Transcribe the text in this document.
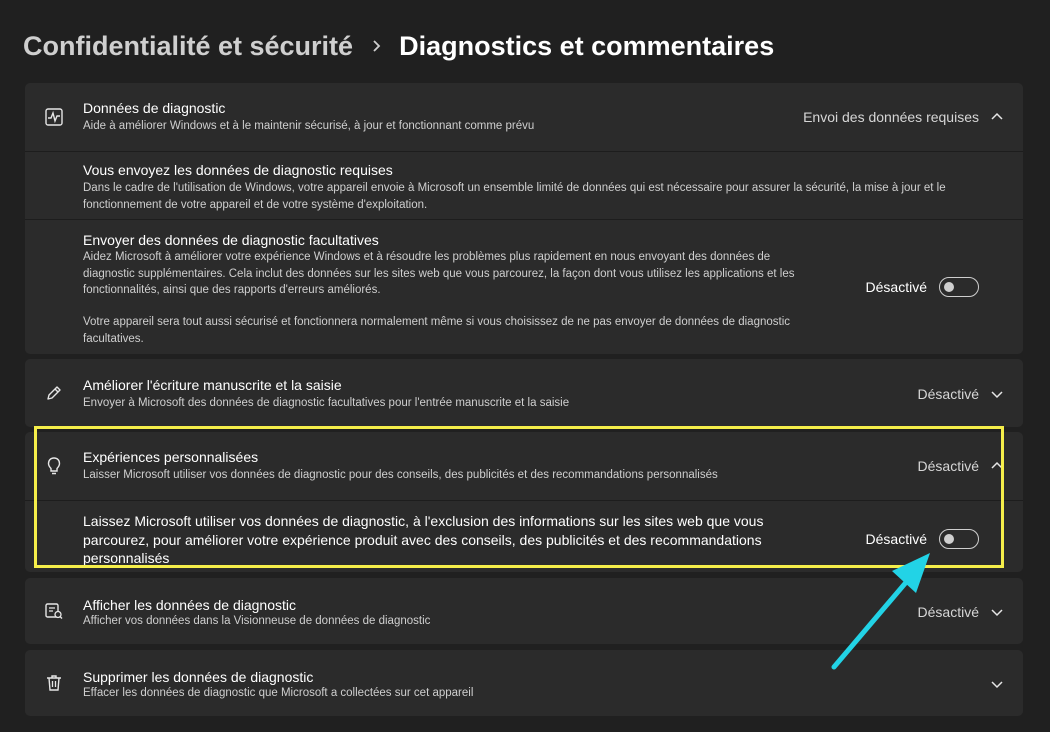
Confidentialité et sécurité Diagnostics et commentaires
Données de diagnostic
Aide à améliorer Windows et à le maintenir sécurisé, à jour et fonctionnant comme prévu
Envoi des données requises
Vous envoyez les données de diagnostic requises
Dans le cadre de l'utilisation de Windows, votre appareil envoie à Microsoft un ensemble limité de données qui est nécessaire pour assurer la sécurité, la mise à jour et le fonctionnement de votre appareil et de votre système d'exploitation.
Envoyer des données de diagnostic facultatives
Aidez Microsoft à améliorer votre expérience Windows et à résoudre les problèmes plus rapidement en nous envoyant des données de diagnostic supplémentaires. Cela inclut des données sur les sites web que vous parcourez, la façon dont vous utilisez les applications et les fonctionnalités, ainsi que des rapports d'erreurs améliorés.
Votre appareil sera tout aussi sécurisé et fonctionnera normalement même si vous choisissez de ne pas envoyer de données de diagnostic facultatives.
Désactivé
Améliorer l'écriture manuscrite et la saisie
Envoyer à Microsoft des données de diagnostic facultatives pour l'entrée manuscrite et la saisie
Désactivé
Expériences personnalisées
Laisser Microsoft utiliser vos données de diagnostic pour des conseils, des publicités et des recommandations personnalisés
Désactivé
Laissez Microsoft utiliser vos données de diagnostic, à l'exclusion des informations sur les sites web que vous parcourez, pour améliorer votre expérience produit avec des conseils, des publicités et des recommandations personnalisés
Désactivé
Afficher les données de diagnostic
Afficher vos données dans la Visionneuse de données de diagnostic
Désactivé
Supprimer les données de diagnostic
Effacer les données de diagnostic que Microsoft a collectées sur cet appareil
